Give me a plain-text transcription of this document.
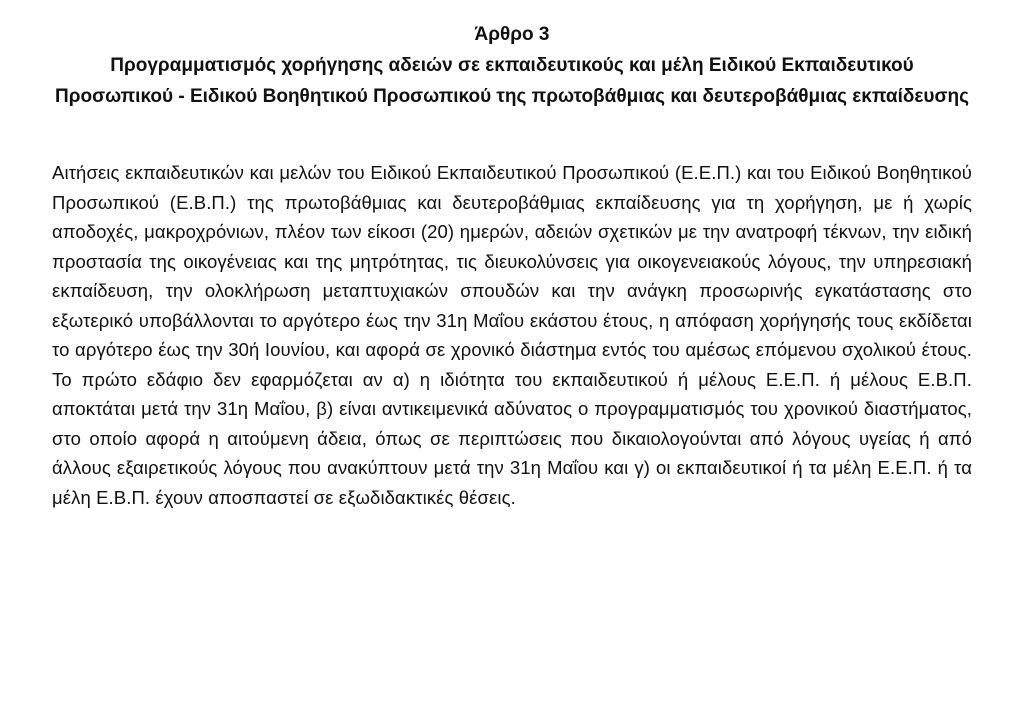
Άρθρο 3

Προγραμματισμός χορήγησης αδειών σε εκπαιδευτικούς και μέλη Ειδικού Εκπαιδευτικού Προσωπικού - Ειδικού Βοηθητικού Προσωπικού της πρωτοβάθμιας και δευτεροβάθμιας εκπαίδευσης

Αιτήσεις εκπαιδευτικών και μελών του Ειδικού Εκπαιδευτικού Προσωπικού (Ε.Ε.Π.) και του Ειδικού Βοηθητικού Προσωπικού (Ε.Β.Π.) της πρωτοβάθμιας και δευτεροβάθμιας εκπαίδευσης για τη χορήγηση, με ή χωρίς αποδοχές, μακροχρόνιων, πλέον των είκοσι (20) ημερών, αδειών σχετικών με την ανατροφή τέκνων, την ειδική προστασία της οικογένειας και της μητρότητας, τις διευκολύνσεις για οικογενειακούς λόγους, την υπηρεσιακή εκπαίδευση, την ολοκλήρωση μεταπτυχιακών σπουδών και την ανάγκη προσωρινής εγκατάστασης στο εξωτερικό υποβάλλονται το αργότερο έως την 31η Μαΐου εκάστου έτους, η απόφαση χορήγησής τους εκδίδεται το αργότερο έως την 30ή Ιουνίου, και αφορά σε χρονικό διάστημα εντός του αμέσως επόμενου σχολικού έτους. Το πρώτο εδάφιο δεν εφαρμόζεται αν α) η ιδιότητα του εκπαιδευτικού ή μέλους Ε.Ε.Π. ή μέλους Ε.Β.Π. αποκτάται μετά την 31η Μαΐου, β) είναι αντικειμενικά αδύνατος ο προγραμματισμός του χρονικού διαστήματος, στο οποίο αφορά η αιτούμενη άδεια, όπως σε περιπτώσεις που δικαιολογούνται από λόγους υγείας ή από άλλους εξαιρετικούς λόγους που ανακύπτουν μετά την 31η Μαΐου και γ) οι εκπαιδευτικοί ή τα μέλη Ε.Ε.Π. ή τα μέλη Ε.Β.Π. έχουν αποσπαστεί σε εξωδιδακτικές θέσεις.
